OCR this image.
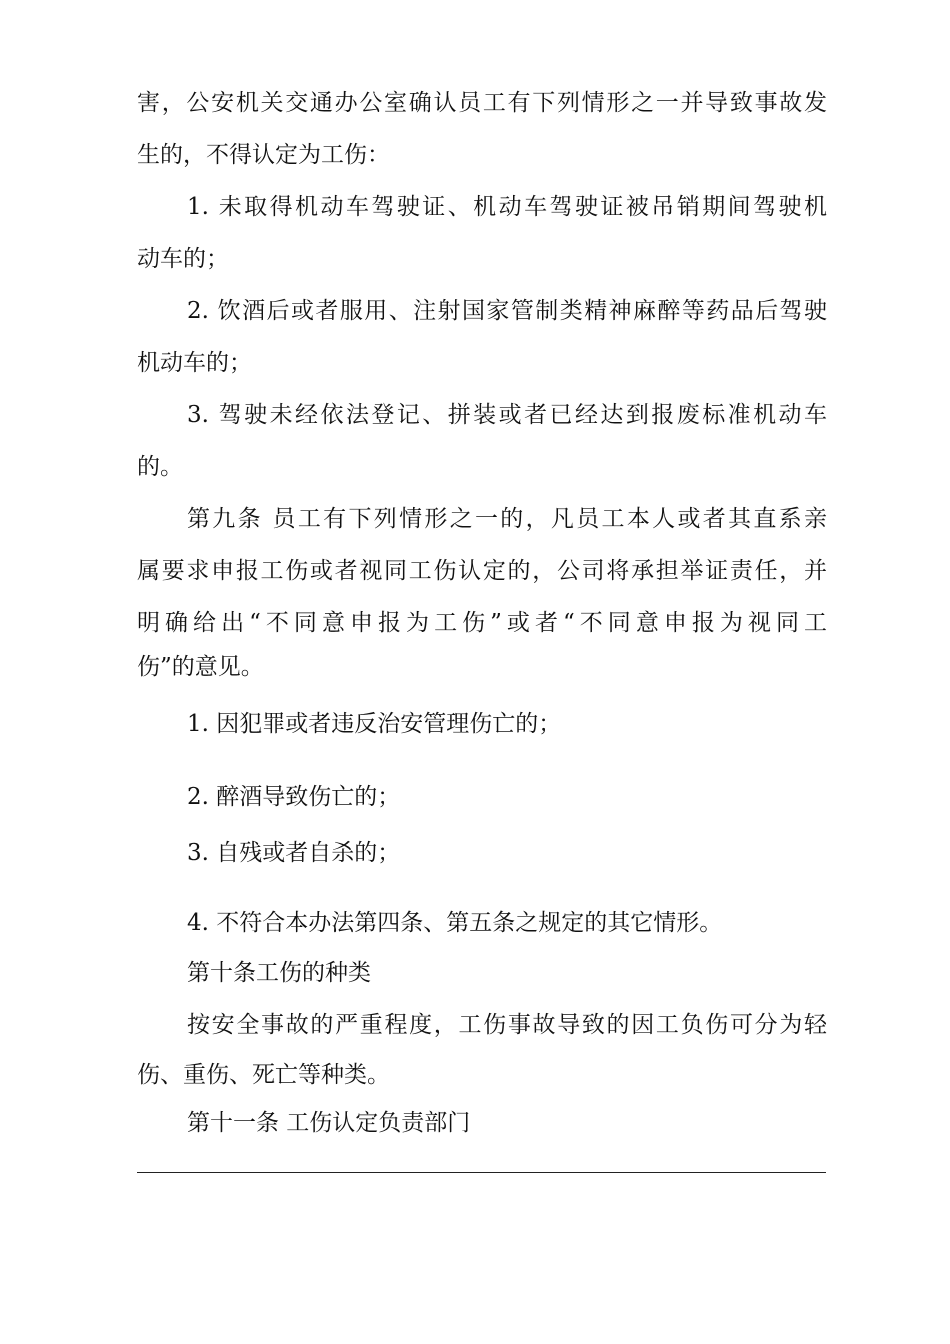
害，公安机关交通办公室确认员工有下列情形之一并导致事故发

生的，不得认定为工伤：

1. 未取得机动车驾驶证、机动车驾驶证被吊销期间驾驶机

动车的；

2. 饮酒后或者服用、注射国家管制类精神麻醉等药品后驾驶

机动车的；

3. 驾驶未经依法登记、拼装或者已经达到报废标准机动车

的。

第九条 员工有下列情形之一的，凡员工本人或者其直系亲

属要求申报工伤或者视同工伤认定的，公司将承担举证责任，并

明确给出“不同意申报为工伤”或者“不同意申报为视同工

伤”的意见。

1. 因犯罪或者违反治安管理伤亡的；

2. 醉酒导致伤亡的；

3. 自残或者自杀的；

4. 不符合本办法第四条、第五条之规定的其它情形。

第十条工伤的种类

按安全事故的严重程度，工伤事故导致的因工负伤可分为轻

伤、重伤、死亡等种类。

第十一条 工伤认定负责部门
